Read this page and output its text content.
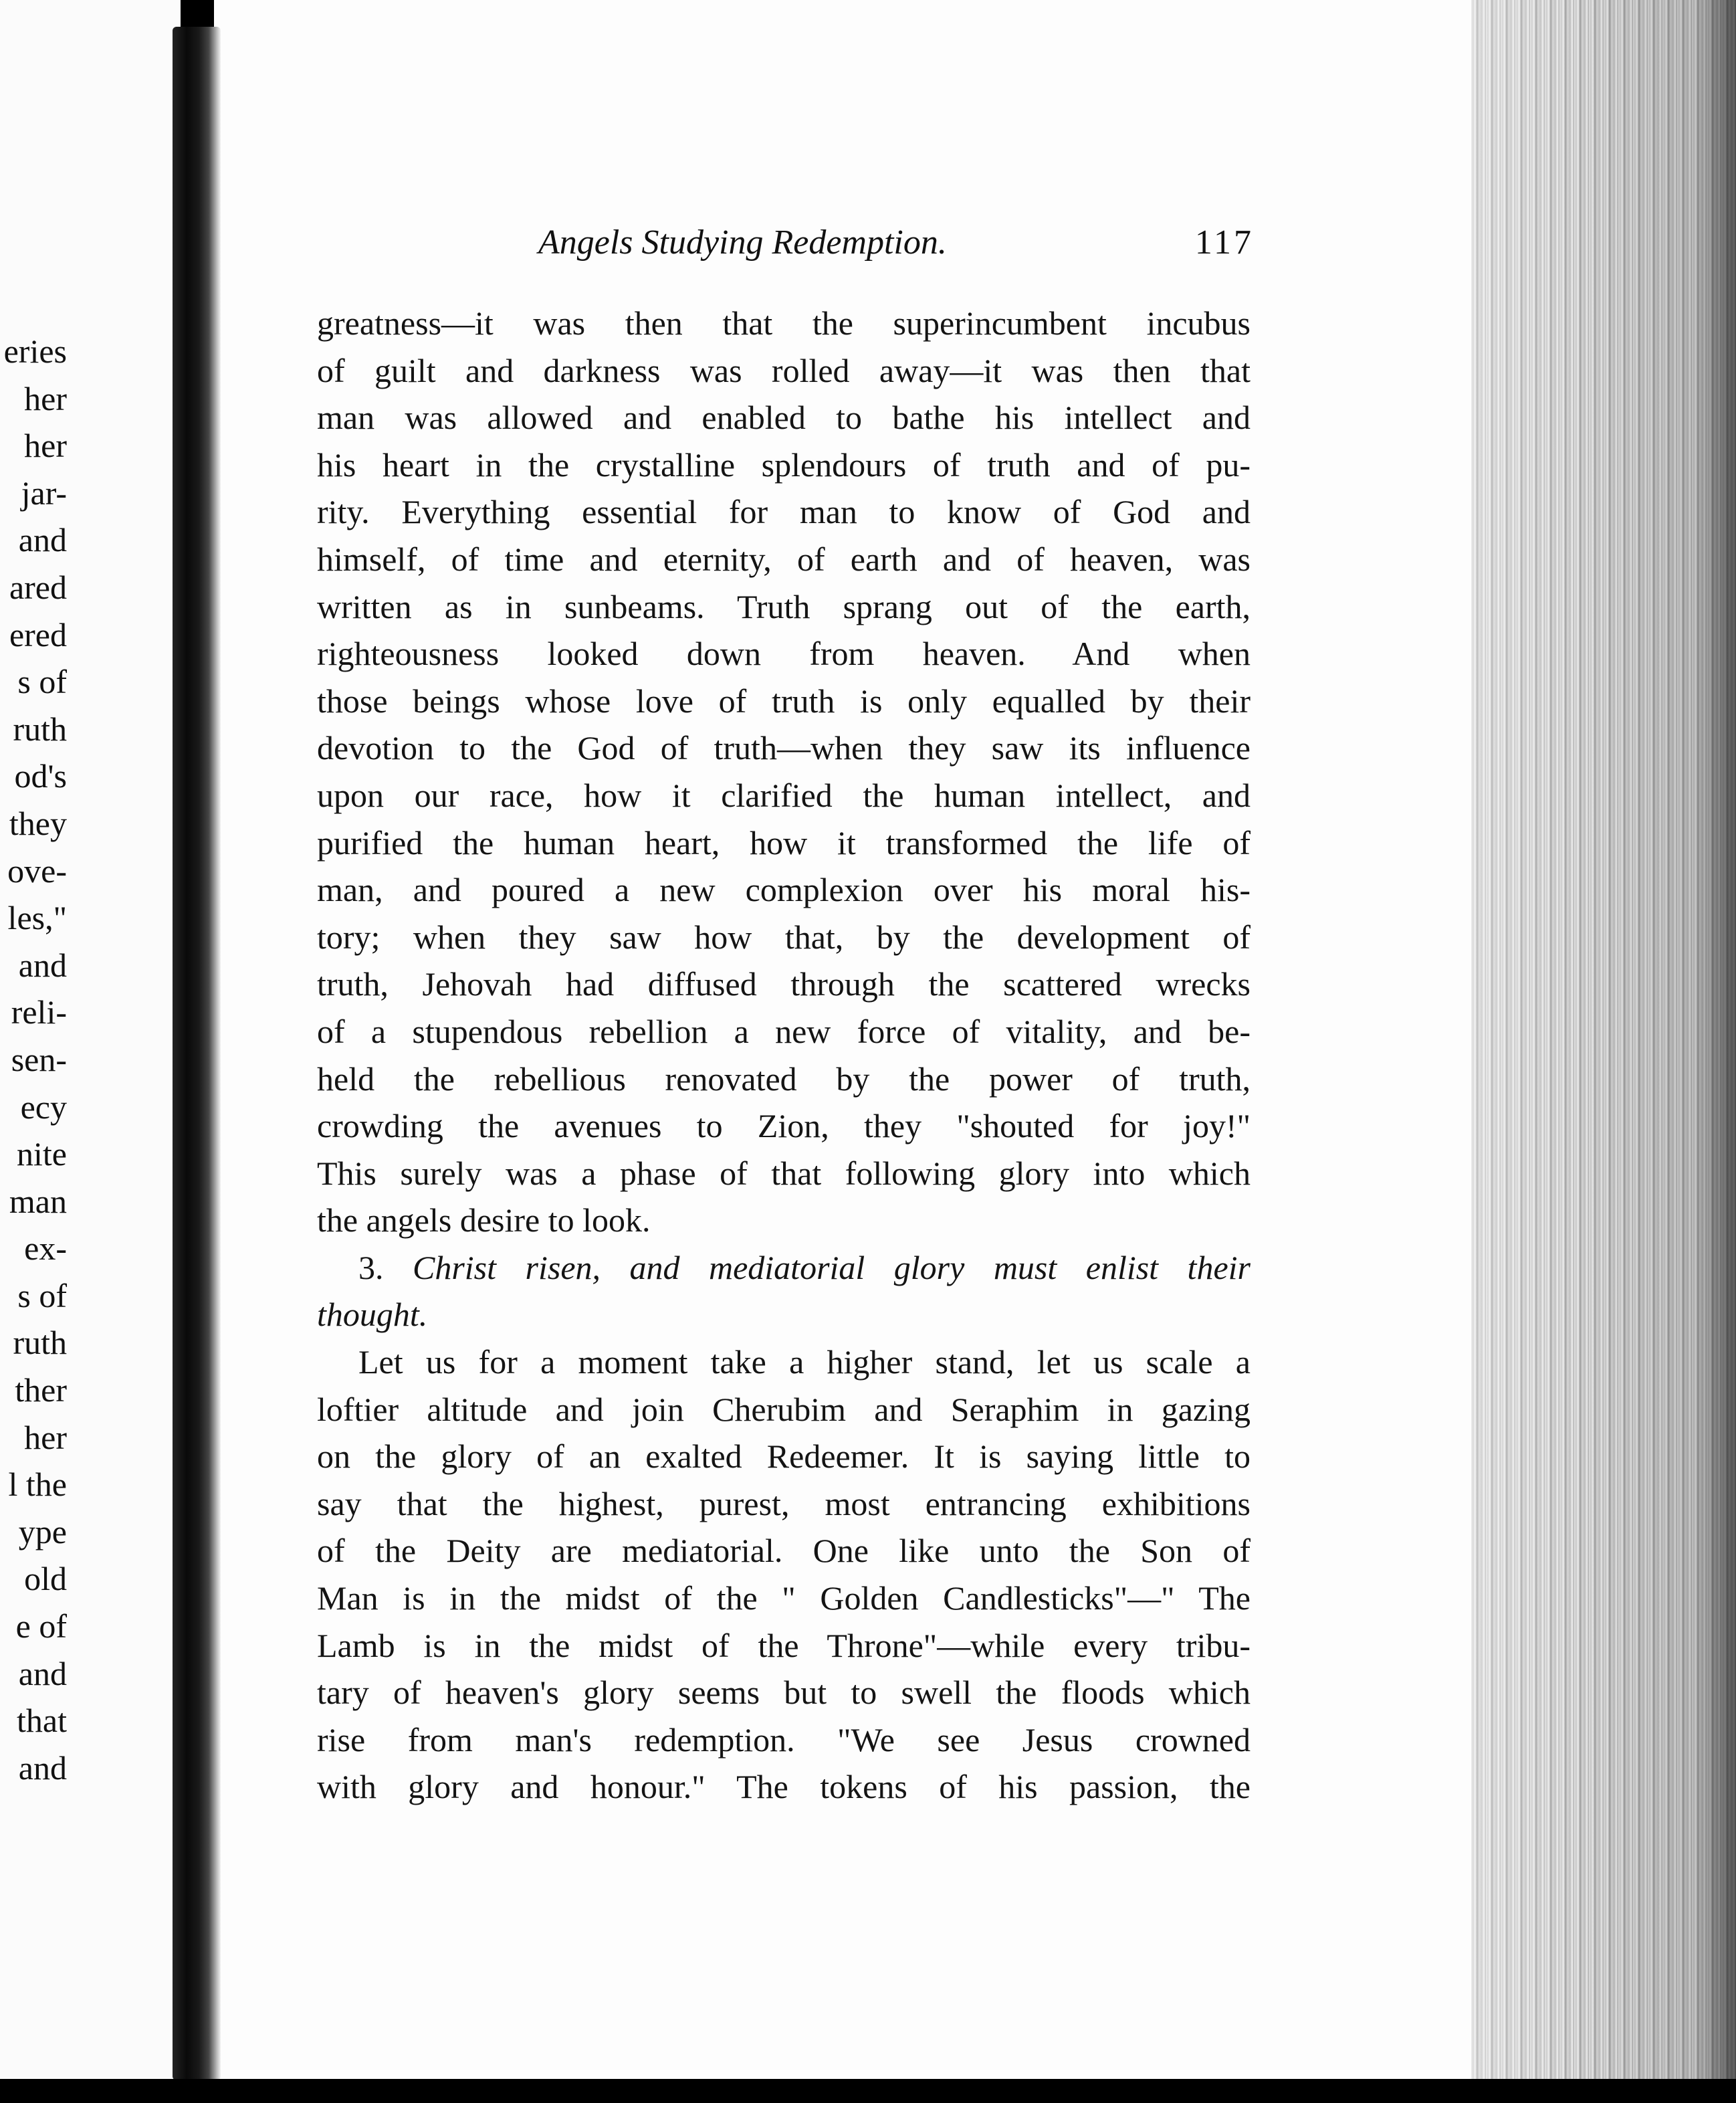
eries
her
her
jar-
and
ared
ered
s of
ruth
od's
they
ove-
les,"
and
reli-
sen-
ecy
nite
man
ex-
s of
ruth
ther
her
l the
ype
old
e of
and
that
and
Angels Studying Redemption.	117
greatness—it was then that the superincumbent incubus
of guilt and darkness was rolled away—it was then that
man was allowed and enabled to bathe his intellect and
his heart in the crystalline splendours of truth and of pu-
rity. Everything essential for man to know of God and
himself, of time and eternity, of earth and of heaven, was
written as in sunbeams. Truth sprang out of the earth,
righteousness looked down from heaven. And when
those beings whose love of truth is only equalled by their
devotion to the God of truth—when they saw its influence
upon our race, how it clarified the human intellect, and
purified the human heart, how it transformed the life of
man, and poured a new complexion over his moral his-
tory; when they saw how that, by the development of
truth, Jehovah had diffused through the scattered wrecks
of a stupendous rebellion a new force of vitality, and be-
held the rebellious renovated by the power of truth,
crowding the avenues to Zion, they "shouted for joy!"
This surely was a phase of that following glory into which
the angels desire to look.
3. Christ risen, and mediatorial glory must enlist their
thought.
Let us for a moment take a higher stand, let us scale a
loftier altitude and join Cherubim and Seraphim in gazing
on the glory of an exalted Redeemer. It is saying little to
say that the highest, purest, most entrancing exhibitions
of the Deity are mediatorial. One like unto the Son of
Man is in the midst of the " Golden Candlesticks"—" The
Lamb is in the midst of the Throne"—while every tribu-
tary of heaven's glory seems but to swell the floods which
rise from man's redemption. "We see Jesus crowned
with glory and honour." The tokens of his passion, the
